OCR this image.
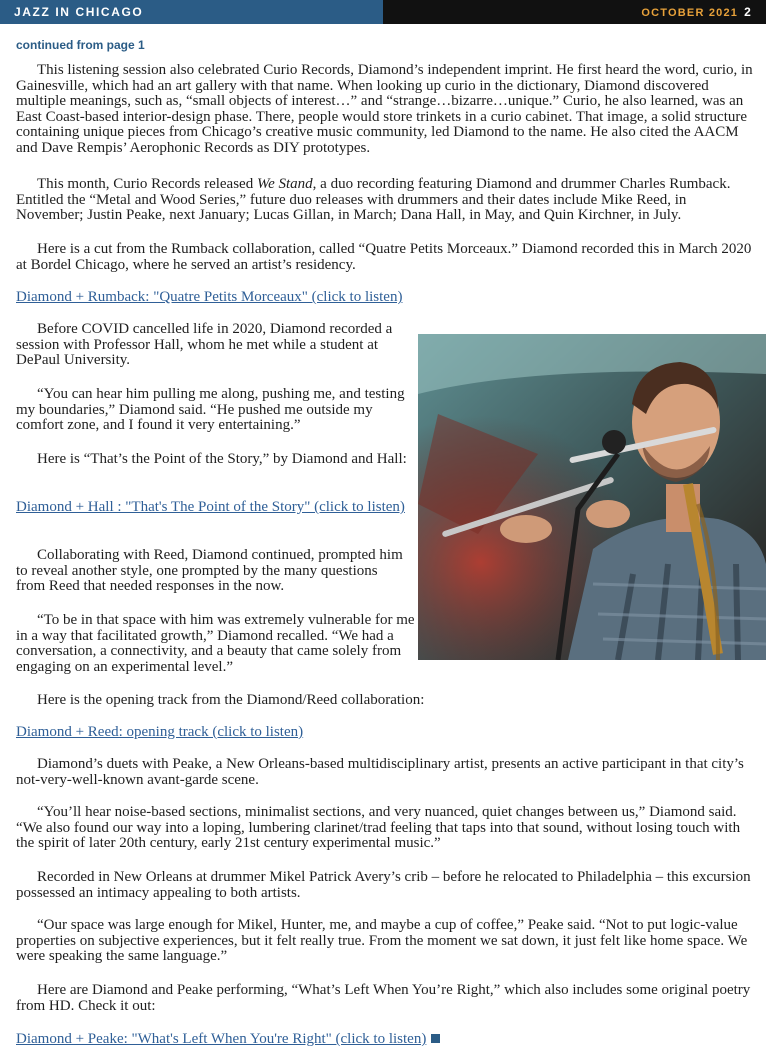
JAZZ IN CHICAGO	OCTOBER 2021 2
continued from page 1
This listening session also celebrated Curio Records, Diamond’s independent imprint. He first heard the word, curio, in Gainesville, which had an art gallery with that name. When looking up curio in the dictionary, Diamond discovered multiple meanings, such as, “small objects of interest…” and “strange…bizarre…unique.” Curio, he also learned, was an East Coast-based interior-design phase. There, people would store trinkets in a curio cabinet. That image, a solid structure containing unique pieces from Chicago’s creative music community, led Diamond to the name. He also cited the AACM and Dave Rempis’ Aerophonic Records as DIY prototypes.
This month, Curio Records released We Stand, a duo recording featuring Diamond and drummer Charles Rumback. Entitled the “Metal and Wood Series,” future duo releases with drummers and their dates include Mike Reed, in November; Justin Peake, next January; Lucas Gillan, in March; Dana Hall, in May, and Quin Kirchner, in July.
Here is a cut from the Rumback collaboration, called “Quatre Petits Morceaux.” Diamond recorded this in March 2020 at Bordel Chicago, where he served an artist’s residency.
Diamond + Rumback: "Quatre Petits Morceaux" (click to listen)
Before COVID cancelled life in 2020, Diamond recorded a session with Professor Hall, whom he met while a student at DePaul University.
“You can hear him pulling me along, pushing me, and testing my boundaries,” Diamond said. “He pushed me outside my comfort zone, and I found it very entertaining.”
Here is “That’s the Point of the Story,” by Diamond and Hall:
Diamond + Hall : "That's The Point of the Story" (click to listen)
Collaborating with Reed, Diamond continued, prompted him to reveal another style, one prompted by the many questions from Reed that needed responses in the now.
“To be in that space with him was extremely vulnerable for me in a way that facilitated growth,” Diamond recalled. “We had a conversation, a connectivity, and a beauty that came solely from engaging on an experimental level.”
Here is the opening track from the Diamond/Reed collaboration:
Diamond + Reed: opening track (click to listen)
Diamond’s duets with Peake, a New Orleans-based multidisciplinary artist, presents an active participant in that city’s not-very-well-known avant-garde scene.
“You’ll hear noise-based sections, minimalist sections, and very nuanced, quiet changes between us,” Diamond said. “We also found our way into a loping, lumbering clarinet/trad feeling that taps into that sound, without losing touch with the spirit of later 20th century, early 21st century experimental music.”
Recorded in New Orleans at drummer Mikel Patrick Avery’s crib – before he relocated to Philadelphia – this excursion possessed an intimacy appealing to both artists.
“Our space was large enough for Mikel, Hunter, me, and maybe a cup of coffee,” Peake said. “Not to put logic-value properties on subjective experiences, but it felt really true. From the moment we sat down, it just felt like home space. We were speaking the same language.”
Here are Diamond and Peake performing, “What’s Left When You’re Right,” which also includes some original poetry from HD. Check it out:
Diamond + Peake: "What's Left When You're Right" (click to listen)
